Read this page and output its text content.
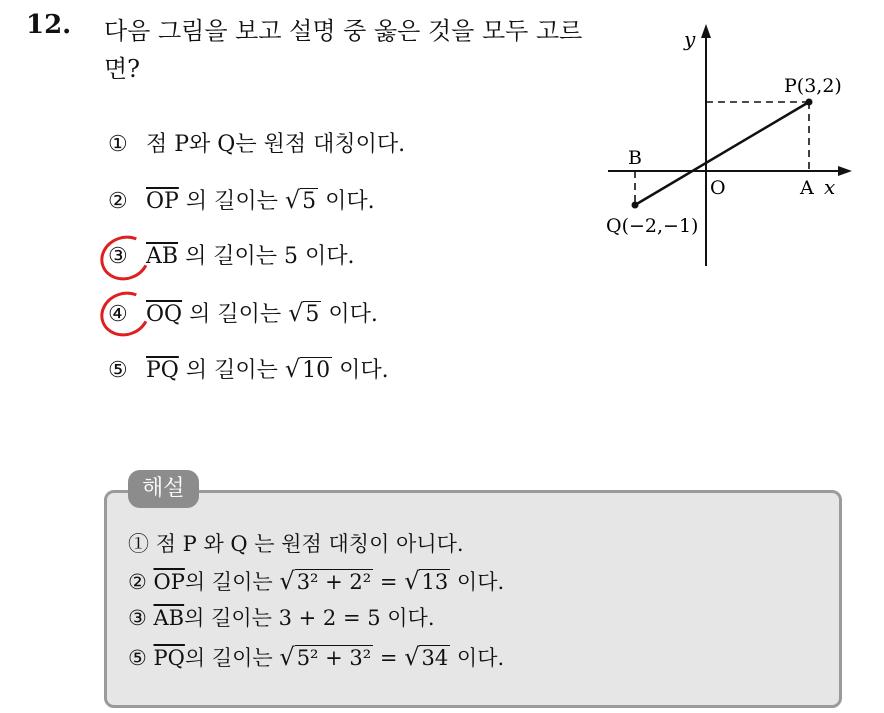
12. 다음 그림을 보고 설명 중 옳은 것을 모두 고르면?
① 점 P와 Q는 원점 대칭이다.
② $\overline{OP}$ 의 길이는 √5 이다.
③ $\overline{AB}$ 의 길이는 5 이다.
④ $\overline{OQ}$ 의 길이는 √5 이다.
⑤ $\overline{PQ}$ 의 길이는 √10 이다.
y
x
O
P(3,2)
Q(−2,−1)
B
A
해설
① 점 P 와 Q 는 원점 대칭이 아니다.
② $\overline{OP}$의 길이는 √3² + 2² = √13 이다.
③ $\overline{AB}$의 길이는 3 + 2 = 5 이다.
⑤ $\overline{PQ}$의 길이는 √5² + 3² = √34 이다.
